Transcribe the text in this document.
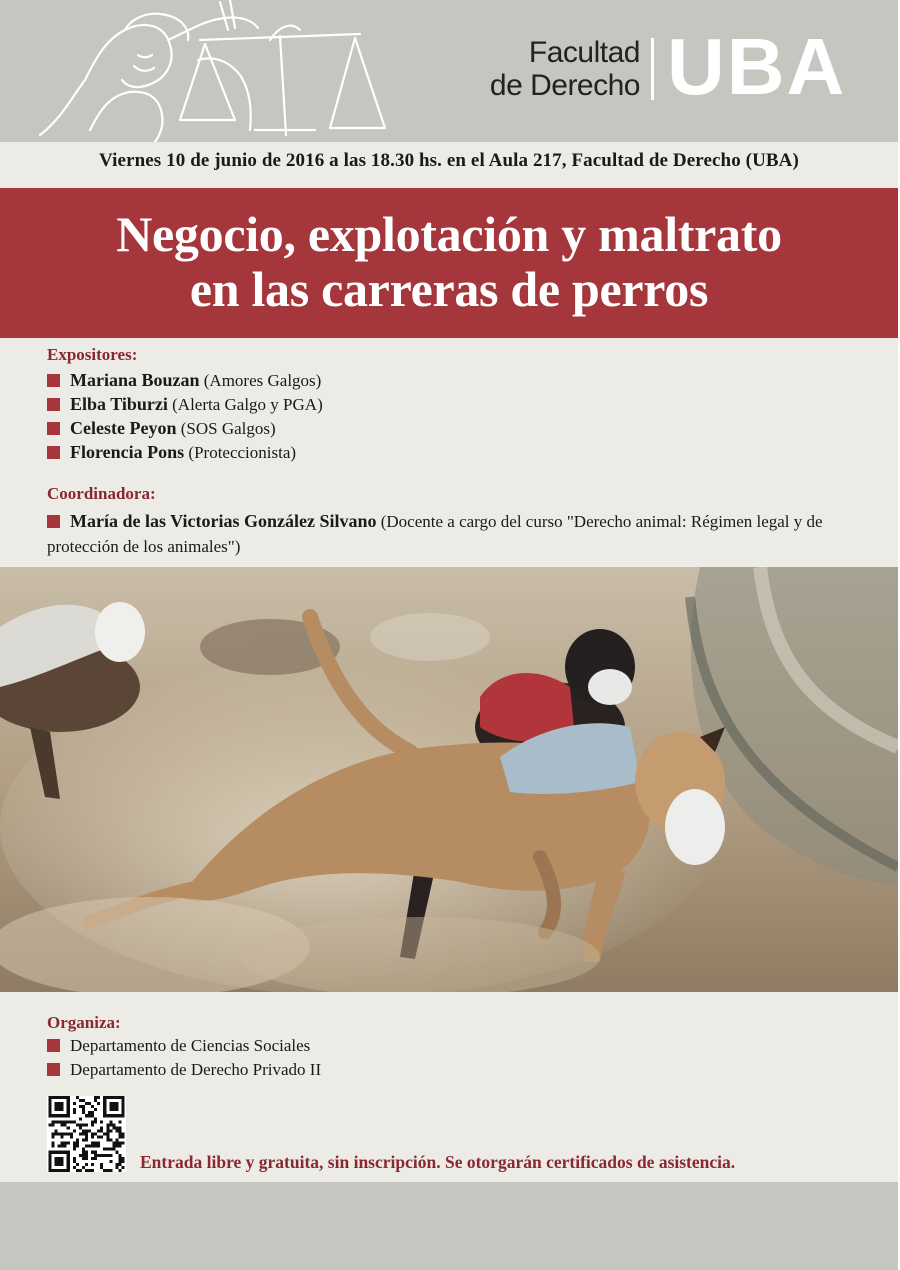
Facultad
de Derecho UBA
Viernes 10 de junio de 2016 a las 18.30 hs. en el Aula 217, Facultad de Derecho (UBA)
Negocio, explotación y maltrato
en las carreras de perros
Expositores:
Mariana Bouzan (Amores Galgos)
Elba Tiburzi (Alerta Galgo y PGA)
Celeste Peyon (SOS Galgos)
Florencia Pons (Proteccionista)
Coordinadora:
María de las Victorias González Silvano (Docente a cargo del curso "Derecho animal: Régimen legal y de protección de los animales")
Organiza:
Departamento de Ciencias Sociales
Departamento de Derecho Privado II
Entrada libre y gratuita, sin inscripción. Se otorgarán certificados de asistencia.
